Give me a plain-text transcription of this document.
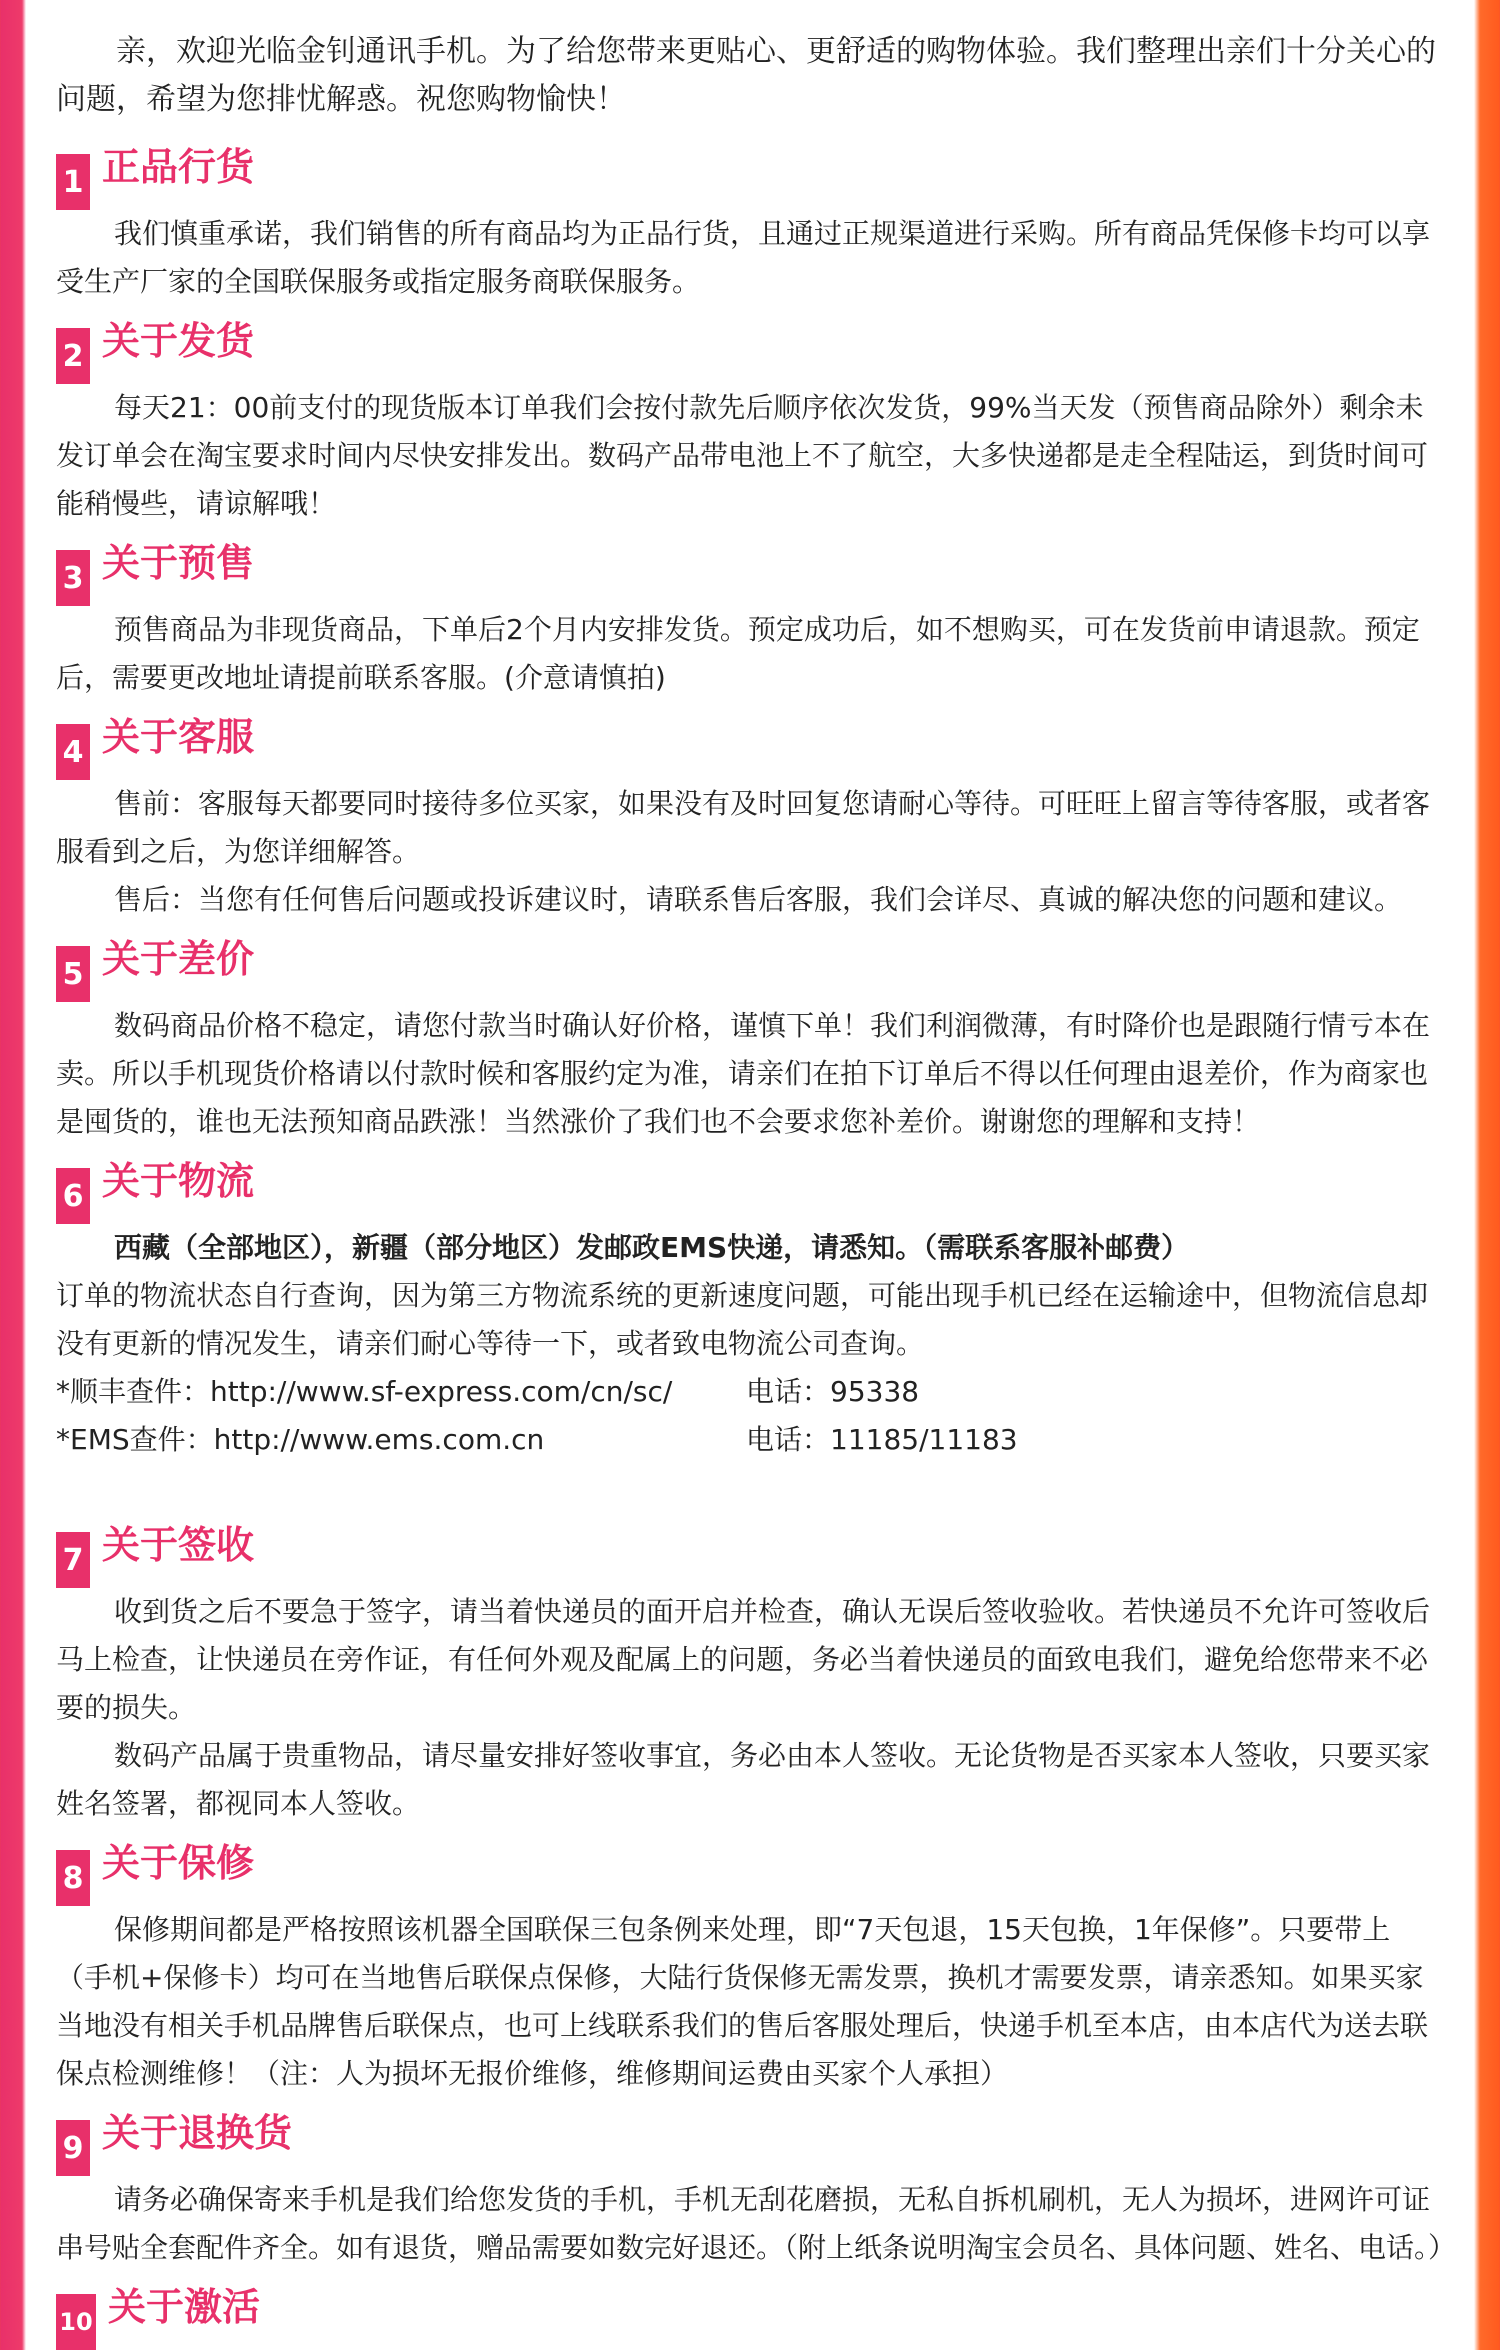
亲，欢迎光临金钊通讯手机。为了给您带来更贴心、更舒适的购物体验。我们整理出亲们十分关心的问题，希望为您排忧解惑。祝您购物愉快！

1 正品行货

我们慎重承诺，我们销售的所有商品均为正品行货，且通过正规渠道进行采购。所有商品凭保修卡均可以享受生产厂家的全国联保服务或指定服务商联保服务。

2 关于发货

每天21：00前支付的现货版本订单我们会按付款先后顺序依次发货，99%当天发（预售商品除外）剩余未发订单会在淘宝要求时间内尽快安排发出。数码产品带电池上不了航空，大多快递都是走全程陆运，到货时间可能稍慢些，请谅解哦！

3 关于预售

预售商品为非现货商品，下单后2个月内安排发货。预定成功后，如不想购买，可在发货前申请退款。预定后，需要更改地址请提前联系客服。(介意请慎拍)

4 关于客服

售前：客服每天都要同时接待多位买家，如果没有及时回复您请耐心等待。可旺旺上留言等待客服，或者客服看到之后，为您详细解答。

售后：当您有任何售后问题或投诉建议时，请联系售后客服，我们会详尽、真诚的解决您的问题和建议。

5 关于差价

数码商品价格不稳定，请您付款当时确认好价格，谨慎下单！我们利润微薄，有时降价也是跟随行情亏本在卖。所以手机现货价格请以付款时候和客服约定为准，请亲们在拍下订单后不得以任何理由退差价，作为商家也是囤货的，谁也无法预知商品跌涨！当然涨价了我们也不会要求您补差价。谢谢您的理解和支持！

6 关于物流

西藏（全部地区），新疆（部分地区）发邮政EMS快递，请悉知。（需联系客服补邮费）

订单的物流状态自行查询，因为第三方物流系统的更新速度问题，可能出现手机已经在运输途中，但物流信息却没有更新的情况发生，请亲们耐心等待一下，或者致电物流公司查询。

*顺丰查件：http://www.sf-express.com/cn/sc/	电话：95338
*EMS查件：http://www.ems.com.cn	电话：11185/11183
7 关于签收

收到货之后不要急于签字，请当着快递员的面开启并检查，确认无误后签收验收。若快递员不允许可签收后马上检查，让快递员在旁作证，有任何外观及配属上的问题，务必当着快递员的面致电我们，避免给您带来不必要的损失。

数码产品属于贵重物品，请尽量安排好签收事宜，务必由本人签收。无论货物是否买家本人签收，只要买家姓名签署，都视同本人签收。

8 关于保修

保修期间都是严格按照该机器全国联保三包条例来处理，即“7天包退，15天包换，1年保修”。只要带上（手机+保修卡）均可在当地售后联保点保修，大陆行货保修无需发票，换机才需要发票，请亲悉知。如果买家当地没有相关手机品牌售后联保点，也可上线联系我们的售后客服处理后，快递手机至本店，由本店代为送去联保点检测维修！（注：人为损坏无报价维修，维修期间运费由买家个人承担）

9 关于退换货

请务必确保寄来手机是我们给您发货的手机，手机无刮花磨损，无私自拆机刷机，无人为损坏，进网许可证串号贴全套配件齐全。如有退货，赠品需要如数完好退还。（附上纸条说明淘宝会员名、具体问题、姓名、电话。）

10 关于激活
